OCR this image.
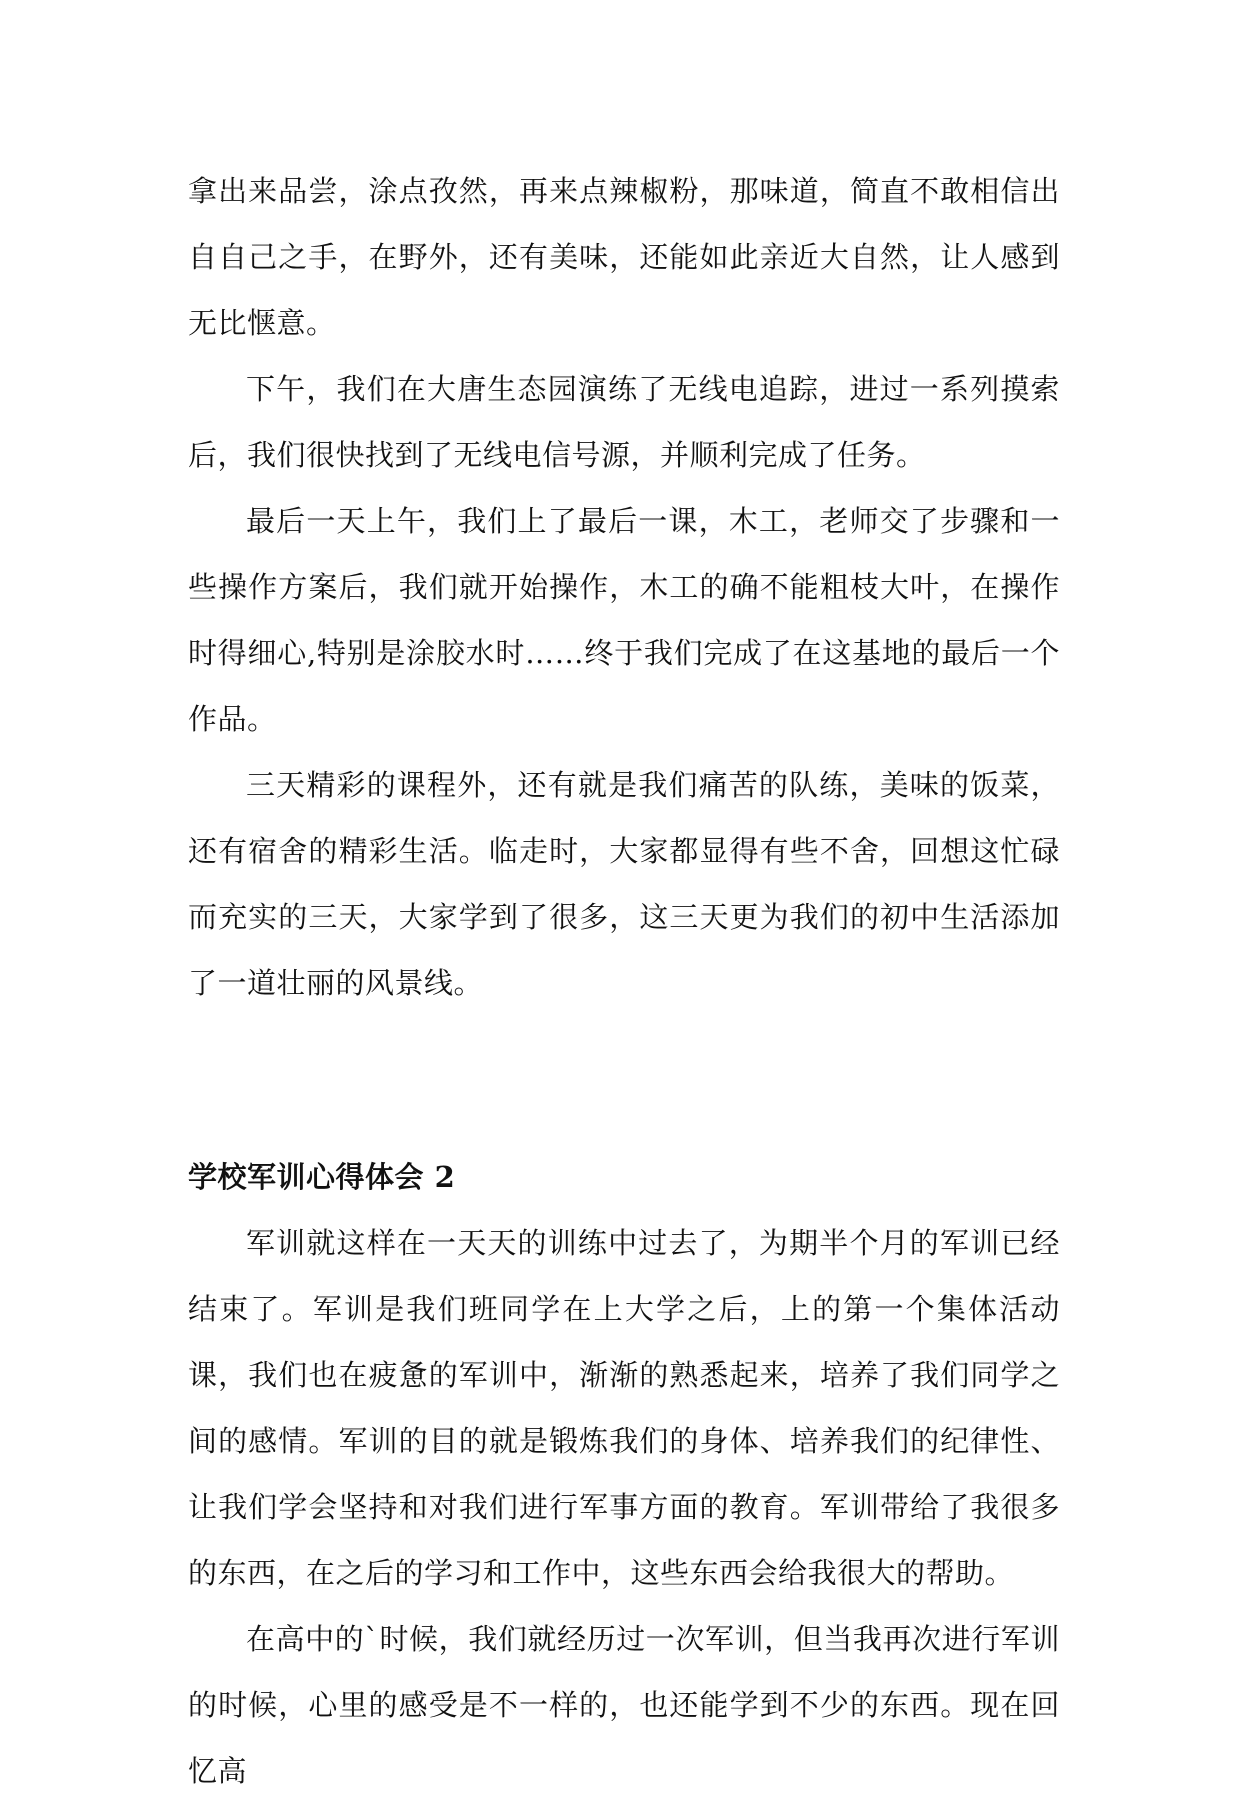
拿出来品尝，涂点孜然，再来点辣椒粉，那味道，简直不敢相信出自自己之手，在野外，还有美味，还能如此亲近大自然，让人感到无比惬意。

下午，我们在大唐生态园演练了无线电追踪，进过一系列摸索后，我们很快找到了无线电信号源，并顺利完成了任务。

最后一天上午，我们上了最后一课，木工，老师交了步骤和一些操作方案后，我们就开始操作，木工的确不能粗枝大叶，在操作时得细心,特别是涂胶水时……终于我们完成了在这基地的最后一个作品。

三天精彩的课程外，还有就是我们痛苦的队练，美味的饭菜，还有宿舍的精彩生活。临走时，大家都显得有些不舍，回想这忙碌而充实的三天，大家学到了很多，这三天更为我们的初中生活添加了一道壮丽的风景线。

学校军训心得体会 2

军训就这样在一天天的训练中过去了，为期半个月的军训已经结束了。军训是我们班同学在上大学之后，上的第一个集体活动课，我们也在疲惫的军训中，渐渐的熟悉起来，培养了我们同学之间的感情。军训的目的就是锻炼我们的身体、培养我们的纪律性、让我们学会坚持和对我们进行军事方面的教育。军训带给了我很多的东西，在之后的学习和工作中，这些东西会给我很大的帮助。

在高中的`时候，我们就经历过一次军训，但当我再次进行军训的时候，心里的感受是不一样的，也还能学到不少的东西。现在回忆高
